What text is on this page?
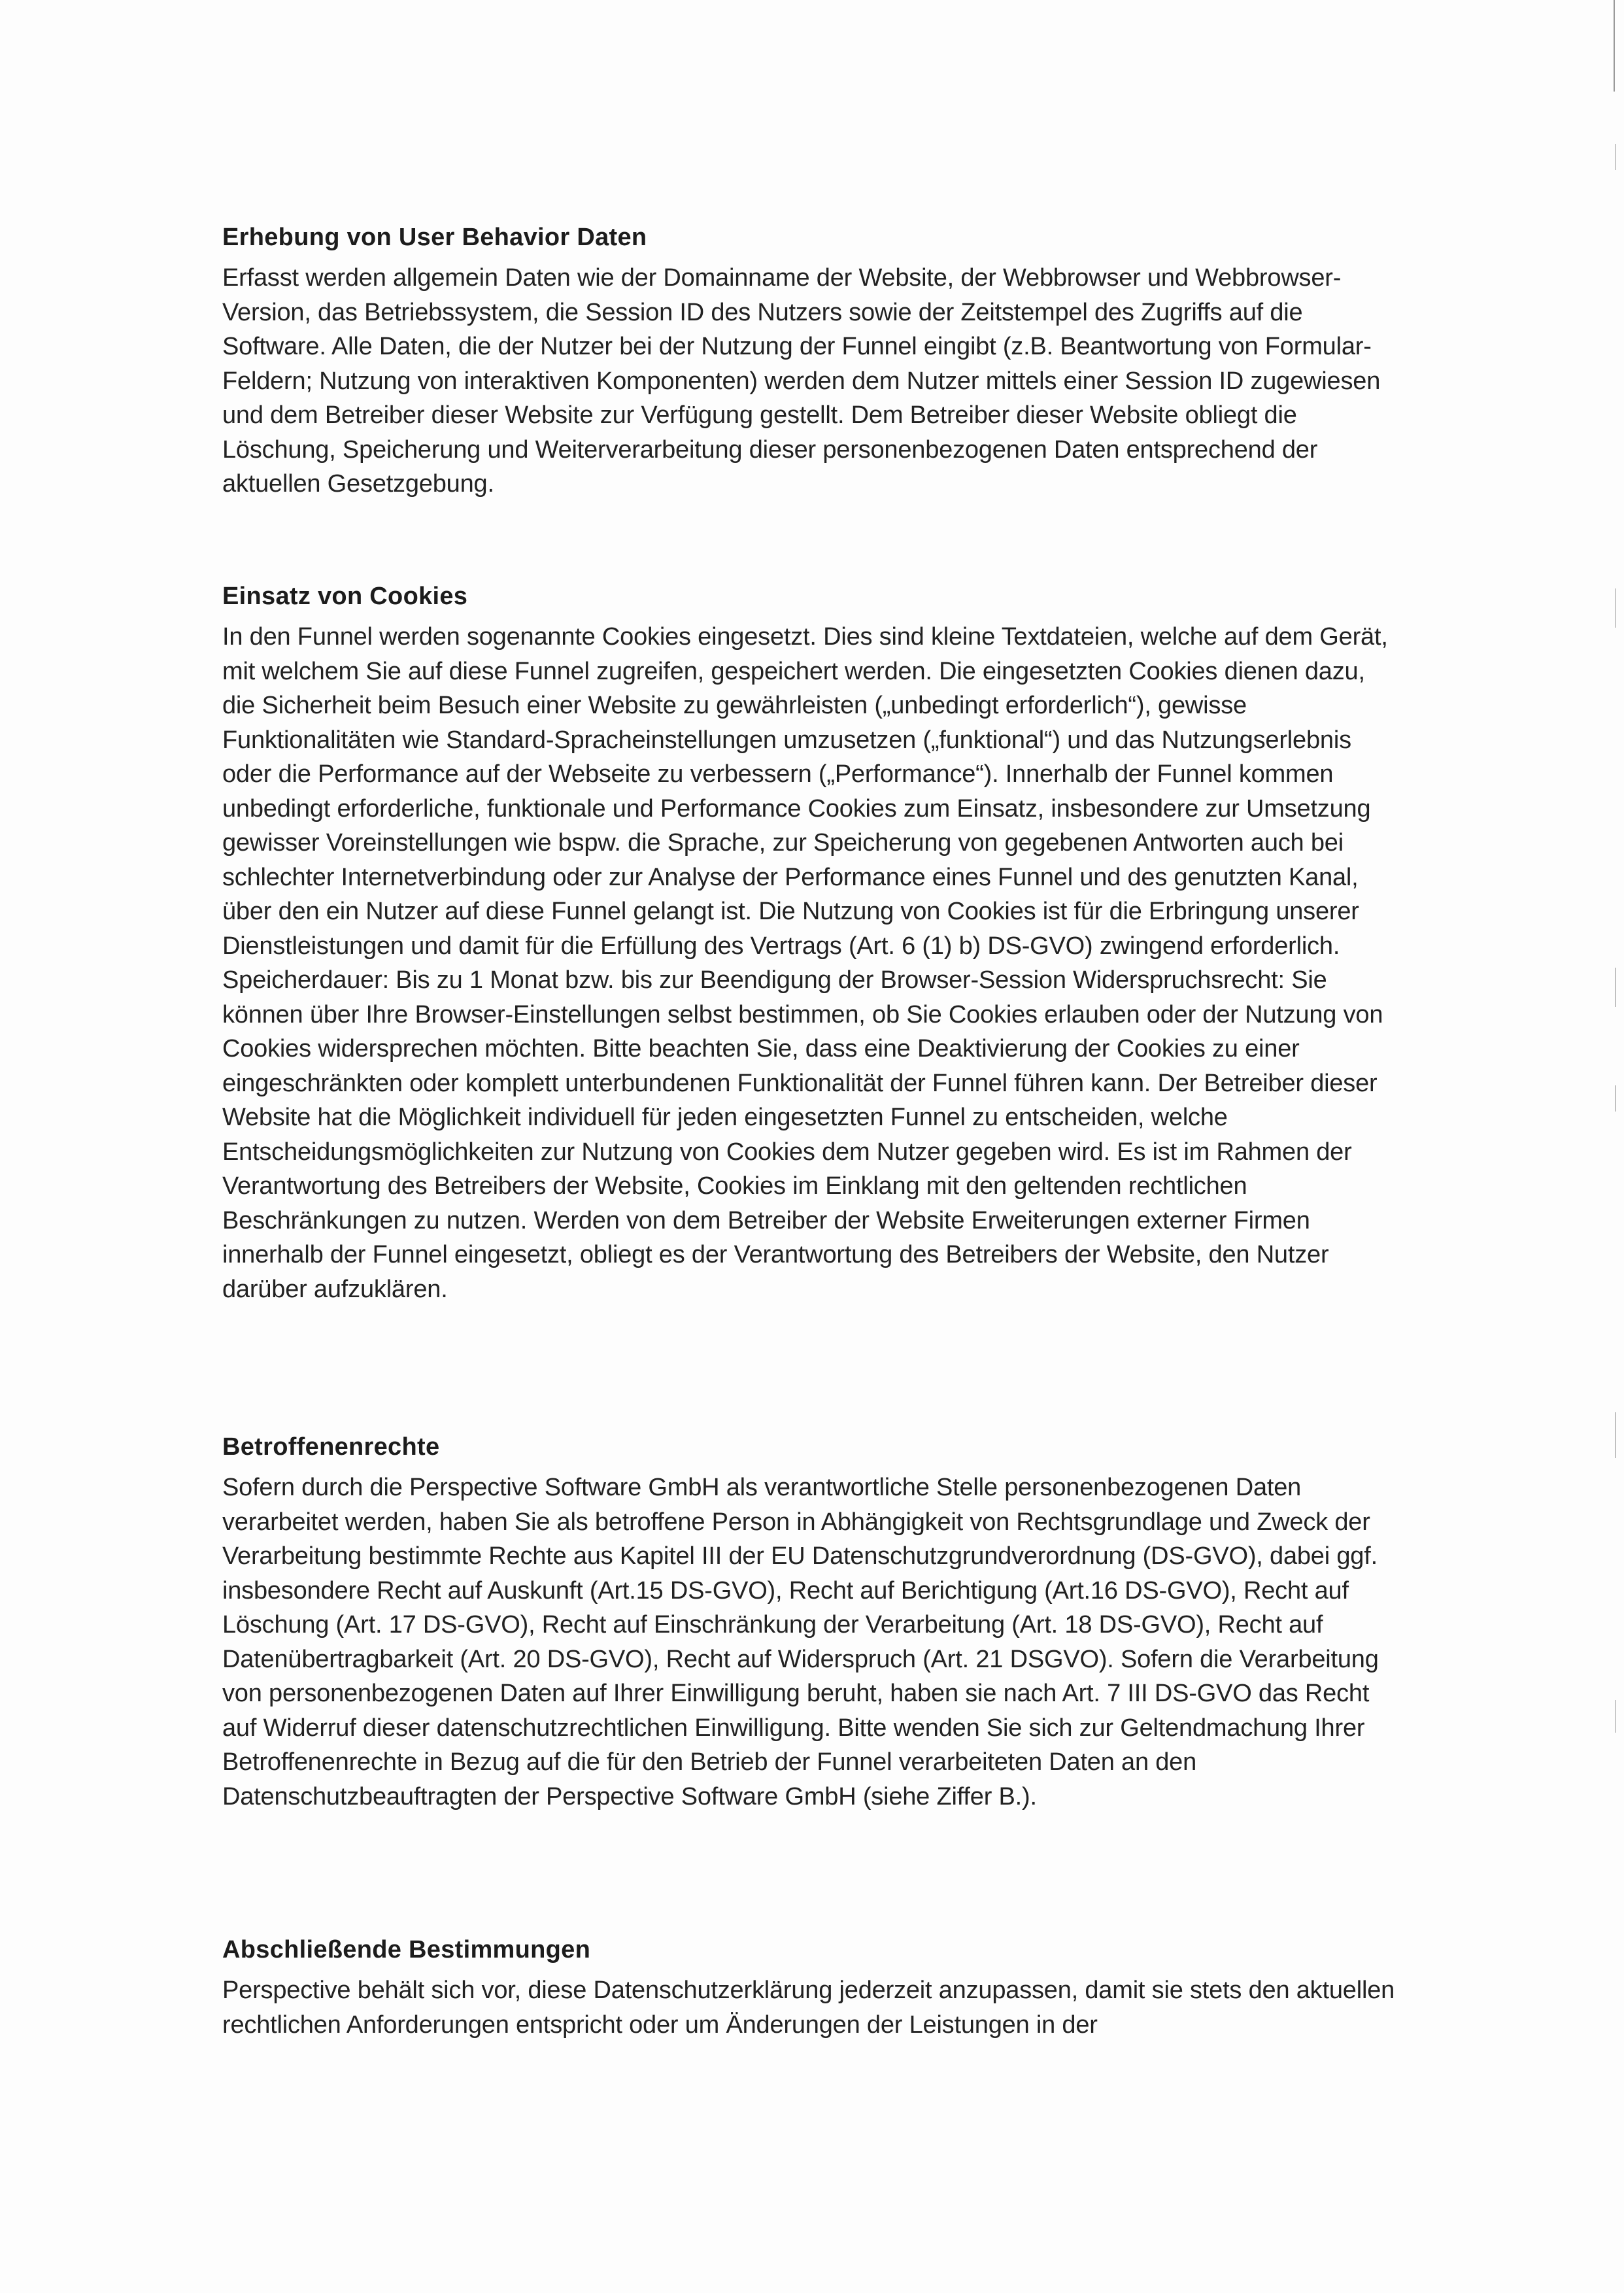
Erhebung von User Behavior Daten

Erfasst werden allgemein Daten wie der Domainname der Website, der Webbrowser und Webbrowser-Version, das Betriebssystem, die Session ID des Nutzers sowie der Zeitstempel des Zugriffs auf die Software. Alle Daten, die der Nutzer bei der Nutzung der Funnel eingibt (z.B. Beantwortung von Formular-Feldern; Nutzung von interaktiven Komponenten) werden dem Nutzer mittels einer Session ID zugewiesen und dem Betreiber dieser Website zur Verfügung gestellt. Dem Betreiber dieser Website obliegt die Löschung, Speicherung und Weiterverarbeitung dieser personenbezogenen Daten entsprechend der aktuellen Gesetzgebung.

Einsatz von Cookies

In den Funnel werden sogenannte Cookies eingesetzt. Dies sind kleine Textdateien, welche auf dem Gerät, mit welchem Sie auf diese Funnel zugreifen, gespeichert werden. Die eingesetzten Cookies dienen dazu, die Sicherheit beim Besuch einer Website zu gewährleisten („unbedingt erforderlich“), gewisse Funktionalitäten wie Standard-Spracheinstellungen umzusetzen („funktional“) und das Nutzungserlebnis oder die Performance auf der Webseite zu verbessern („Performance“). Innerhalb der Funnel kommen unbedingt erforderliche, funktionale und Performance Cookies zum Einsatz, insbesondere zur Umsetzung gewisser Voreinstellungen wie bspw. die Sprache, zur Speicherung von gegebenen Antworten auch bei schlechter Internetverbindung oder zur Analyse der Performance eines Funnel und des genutzten Kanal, über den ein Nutzer auf diese Funnel gelangt ist. Die Nutzung von Cookies ist für die Erbringung unserer Dienstleistungen und damit für die Erfüllung des Vertrags (Art. 6 (1) b) DS-GVO) zwingend erforderlich. Speicherdauer: Bis zu 1 Monat bzw. bis zur Beendigung der Browser-Session Widerspruchsrecht: Sie können über Ihre Browser-Einstellungen selbst bestimmen, ob Sie Cookies erlauben oder der Nutzung von Cookies widersprechen möchten. Bitte beachten Sie, dass eine Deaktivierung der Cookies zu einer eingeschränkten oder komplett unterbundenen Funktionalität der Funnel führen kann. Der Betreiber dieser Website hat die Möglichkeit individuell für jeden eingesetzten Funnel zu entscheiden, welche Entscheidungsmöglichkeiten zur Nutzung von Cookies dem Nutzer gegeben wird. Es ist im Rahmen der Verantwortung des Betreibers der Website, Cookies im Einklang mit den geltenden rechtlichen Beschränkungen zu nutzen. Werden von dem Betreiber der Website Erweiterungen externer Firmen innerhalb der Funnel eingesetzt, obliegt es der Verantwortung des Betreibers der Website, den Nutzer darüber aufzuklären.

Betroffenenrechte

Sofern durch die Perspective Software GmbH als verantwortliche Stelle personenbezogenen Daten verarbeitet werden, haben Sie als betroffene Person in Abhängigkeit von Rechtsgrundlage und Zweck der Verarbeitung bestimmte Rechte aus Kapitel III der EU Datenschutzgrundverordnung (DS-GVO), dabei ggf. insbesondere Recht auf Auskunft (Art.15 DS-GVO), Recht auf Berichtigung (Art.16 DS-GVO), Recht auf Löschung (Art. 17 DS-GVO), Recht auf Einschränkung der Verarbeitung (Art. 18 DS-GVO), Recht auf Datenübertragbarkeit (Art. 20 DS-GVO), Recht auf Widerspruch (Art. 21 DSGVO). Sofern die Verarbeitung von personenbezogenen Daten auf Ihrer Einwilligung beruht, haben sie nach Art. 7 III DS-GVO das Recht auf Widerruf dieser datenschutzrechtlichen Einwilligung. Bitte wenden Sie sich zur Geltendmachung Ihrer Betroffenenrechte in Bezug auf die für den Betrieb der Funnel verarbeiteten Daten an den Datenschutzbeauftragten der Perspective Software GmbH (siehe Ziffer B.).

Abschließende Bestimmungen

Perspective behält sich vor, diese Datenschutzerklärung jederzeit anzupassen, damit sie stets den aktuellen rechtlichen Anforderungen entspricht oder um Änderungen der Leistungen in der
